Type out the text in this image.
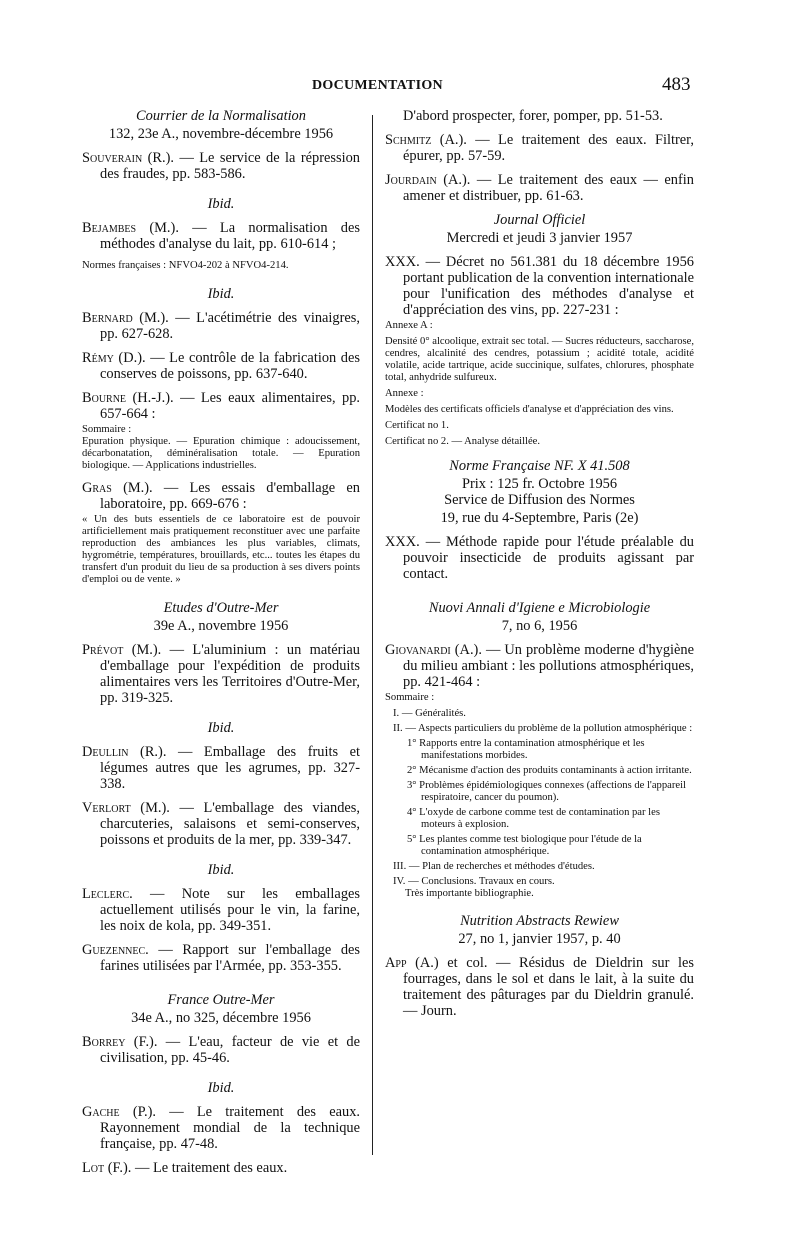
DOCUMENTATION	483

Courrier de la Normalisation

132, 23e A., novembre-décembre 1956

Souverain (R.). — Le service de la répression des fraudes, pp. 583-586.

Ibid.

Bejambes (M.). — La normalisation des méthodes d'analyse du lait, pp. 610-614 ;

Normes françaises : NFVO4-202 à NFVO4-214.

Ibid.

Bernard (M.). — L'acétimétrie des vinaigres, pp. 627-628.

Rémy (D.). — Le contrôle de la fabrication des conserves de poissons, pp. 637-640.

Bourne (H.-J.). — Les eaux alimentaires, pp. 657-664 :

Sommaire :

Epuration physique. — Epuration chimique : adoucissement, décarbonatation, déminéralisation totale. — Epuration biologique. — Applications industrielles.

Gras (M.). — Les essais d'emballage en laboratoire, pp. 669-676 :

« Un des buts essentiels de ce laboratoire est de pouvoir artificiellement mais pratiquement reconstituer avec une parfaite reproduction des ambiances les plus variables, climats, hygrométrie, températures, brouillards, etc... toutes les étapes du transfert d'un produit du lieu de sa production à ses divers points d'emploi ou de vente. »

Etudes d'Outre-Mer

39e A., novembre 1956

Prévot (M.). — L'aluminium : un matériau d'emballage pour l'expédition de produits alimentaires vers les Territoires d'Outre-Mer, pp. 319-325.

Ibid.

Deullin (R.). — Emballage des fruits et légumes autres que les agrumes, pp. 327-338.

Verlort (M.). — L'emballage des viandes, charcuteries, salaisons et semi-conserves, poissons et produits de la mer, pp. 339-347.

Ibid.

Leclerc. — Note sur les emballages actuellement utilisés pour le vin, la farine, les noix de kola, pp. 349-351.

Guezennec. — Rapport sur l'emballage des farines utilisées par l'Armée, pp. 353-355.

France Outre-Mer

34e A., no 325, décembre 1956

Borrey (F.). — L'eau, facteur de vie et de civilisation, pp. 45-46.

Ibid.

Gache (P.). — Le traitement des eaux. Rayonnement mondial de la technique française, pp. 47-48.

Lot (F.). — Le traitement des eaux.

D'abord prospecter, forer, pomper, pp. 51-53.

Schmitz (A.). — Le traitement des eaux. Filtrer, épurer, pp. 57-59.

Jourdain (A.). — Le traitement des eaux — enfin amener et distribuer, pp. 61-63.

Journal Officiel

Mercredi et jeudi 3 janvier 1957

XXX. — Décret no 561.381 du 18 décembre 1956 portant publication de la convention internationale pour l'unification des méthodes d'analyse et d'appréciation des vins, pp. 227-231 :

Annexe A :

Densité 0° alcoolique, extrait sec total. — Sucres réducteurs, saccharose, cendres, alcalinité des cendres, potassium ; acidité totale, acidité volatile, acide tartrique, acide succinique, sulfates, chlorures, phosphate total, anhydride sulfureux.

Annexe :

Modèles des certificats officiels d'analyse et d'appréciation des vins.

Certificat no 1.

Certificat no 2. — Analyse détaillée.

Norme Française NF. X 41.508

Prix : 125 fr. Octobre 1956

Service de Diffusion des Normes

19, rue du 4-Septembre, Paris (2e)

XXX. — Méthode rapide pour l'étude préalable du pouvoir insecticide de produits agissant par contact.

Nuovi Annali d'Igiene e Microbiologie

7, no 6, 1956

Giovanardi (A.). — Un problème moderne d'hygiène du milieu ambiant : les pollutions atmosphériques, pp. 421-464 :

Sommaire :

I. — Généralités.

II. — Aspects particuliers du problème de la pollution atmosphérique :

1° Rapports entre la contamination atmosphérique et les manifestations morbides.

2° Mécanisme d'action des produits contaminants à action irritante.

3° Problèmes épidémiologiques connexes (affections de l'appareil respiratoire, cancer du poumon).

4° L'oxyde de carbone comme test de contamination par les moteurs à explosion.

5° Les plantes comme test biologique pour l'étude de la contamination atmosphérique.

III. — Plan de recherches et méthodes d'études.

IV. — Conclusions. Travaux en cours.

Très importante bibliographie.

Nutrition Abstracts Rewiew

27, no 1, janvier 1957, p. 40

App (A.) et col. — Résidus de Dieldrin sur les fourrages, dans le sol et dans le lait, à la suite du traitement des pâturages par du Dieldrin granulé. — Journ.
